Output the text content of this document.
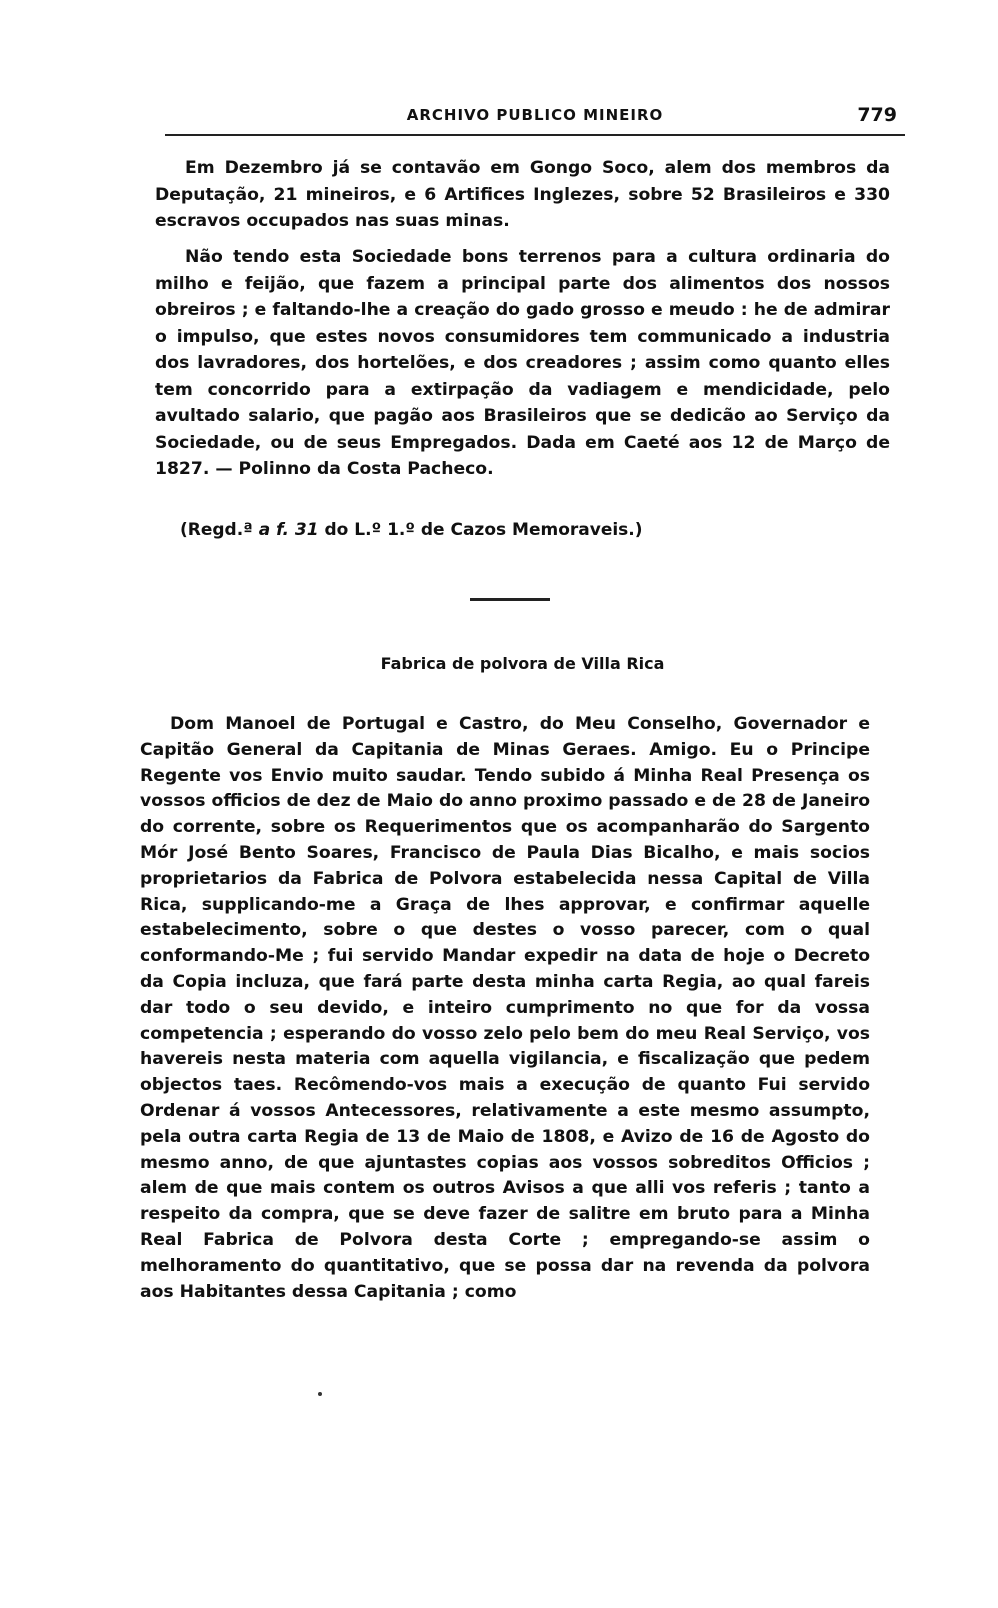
ARCHIVO PUBLICO MINEIRO	779

Em Dezembro já se contavão em Gongo Soco, alem dos membros da Deputação, 21 mineiros, e 6 Artifices Inglezes, sobre 52 Brasileiros e 330 escravos occupados nas suas minas.

Não tendo esta Sociedade bons terrenos para a cultura ordinaria do milho e feijão, que fazem a principal parte dos alimentos dos nossos obreiros ; e faltando-lhe a creação do gado grosso e meudo : he de admirar o impulso, que estes novos consumidores tem communicado a industria dos lavradores, dos hortelões, e dos creadores ; assim como quanto elles tem concorrido para a extirpação da vadiagem e mendicidade, pelo avultado salario, que pagão aos Brasileiros que se dedicão ao Serviço da Sociedade, ou de seus Empregados. Dada em Caeté aos 12 de Março de 1827. — Polinno da Costa Pacheco.

(Regd.ª a f. 31 do L.º 1.º de Cazos Memoraveis.)
Fabrica de polvora de Villa Rica

Dom Manoel de Portugal e Castro, do Meu Conselho, Governador e Capitão General da Capitania de Minas Geraes. Amigo. Eu o Principe Regente vos Envio muito saudar. Tendo subido á Minha Real Presença os vossos officios de dez de Maio do anno proximo passado e de 28 de Janeiro do corrente, sobre os Requerimentos que os acompanharão do Sargento Mór José Bento Soares, Francisco de Paula Dias Bicalho, e mais socios proprietarios da Fabrica de Polvora estabelecida nessa Capital de Villa Rica, supplicando-me a Graça de lhes approvar, e confirmar aquelle estabelecimento, sobre o que destes o vosso parecer, com o qual conformando-Me ; fui servido Mandar expedir na data de hoje o Decreto da Copia incluza, que fará parte desta minha carta Regia, ao qual fareis dar todo o seu devido, e inteiro cumprimento no que for da vossa competencia ; esperando do vosso zelo pelo bem do meu Real Serviço, vos havereis nesta materia com aquella vigilancia, e fiscalização que pedem objectos taes. Recômendo-vos mais a execução de quanto Fui servido Ordenar á vossos Antecessores, relativamente a este mesmo assumpto, pela outra carta Regia de 13 de Maio de 1808, e Avizo de 16 de Agosto do mesmo anno, de que ajuntastes copias aos vossos sobreditos Officios ; alem de que mais contem os outros Avisos a que alli vos referis ; tanto a respeito da compra, que se deve fazer de salitre em bruto para a Minha Real Fabrica de Polvora desta Corte ; empregando-se assim o melhoramento do quantitativo, que se possa dar na revenda da polvora aos Habitantes dessa Capitania ; como
